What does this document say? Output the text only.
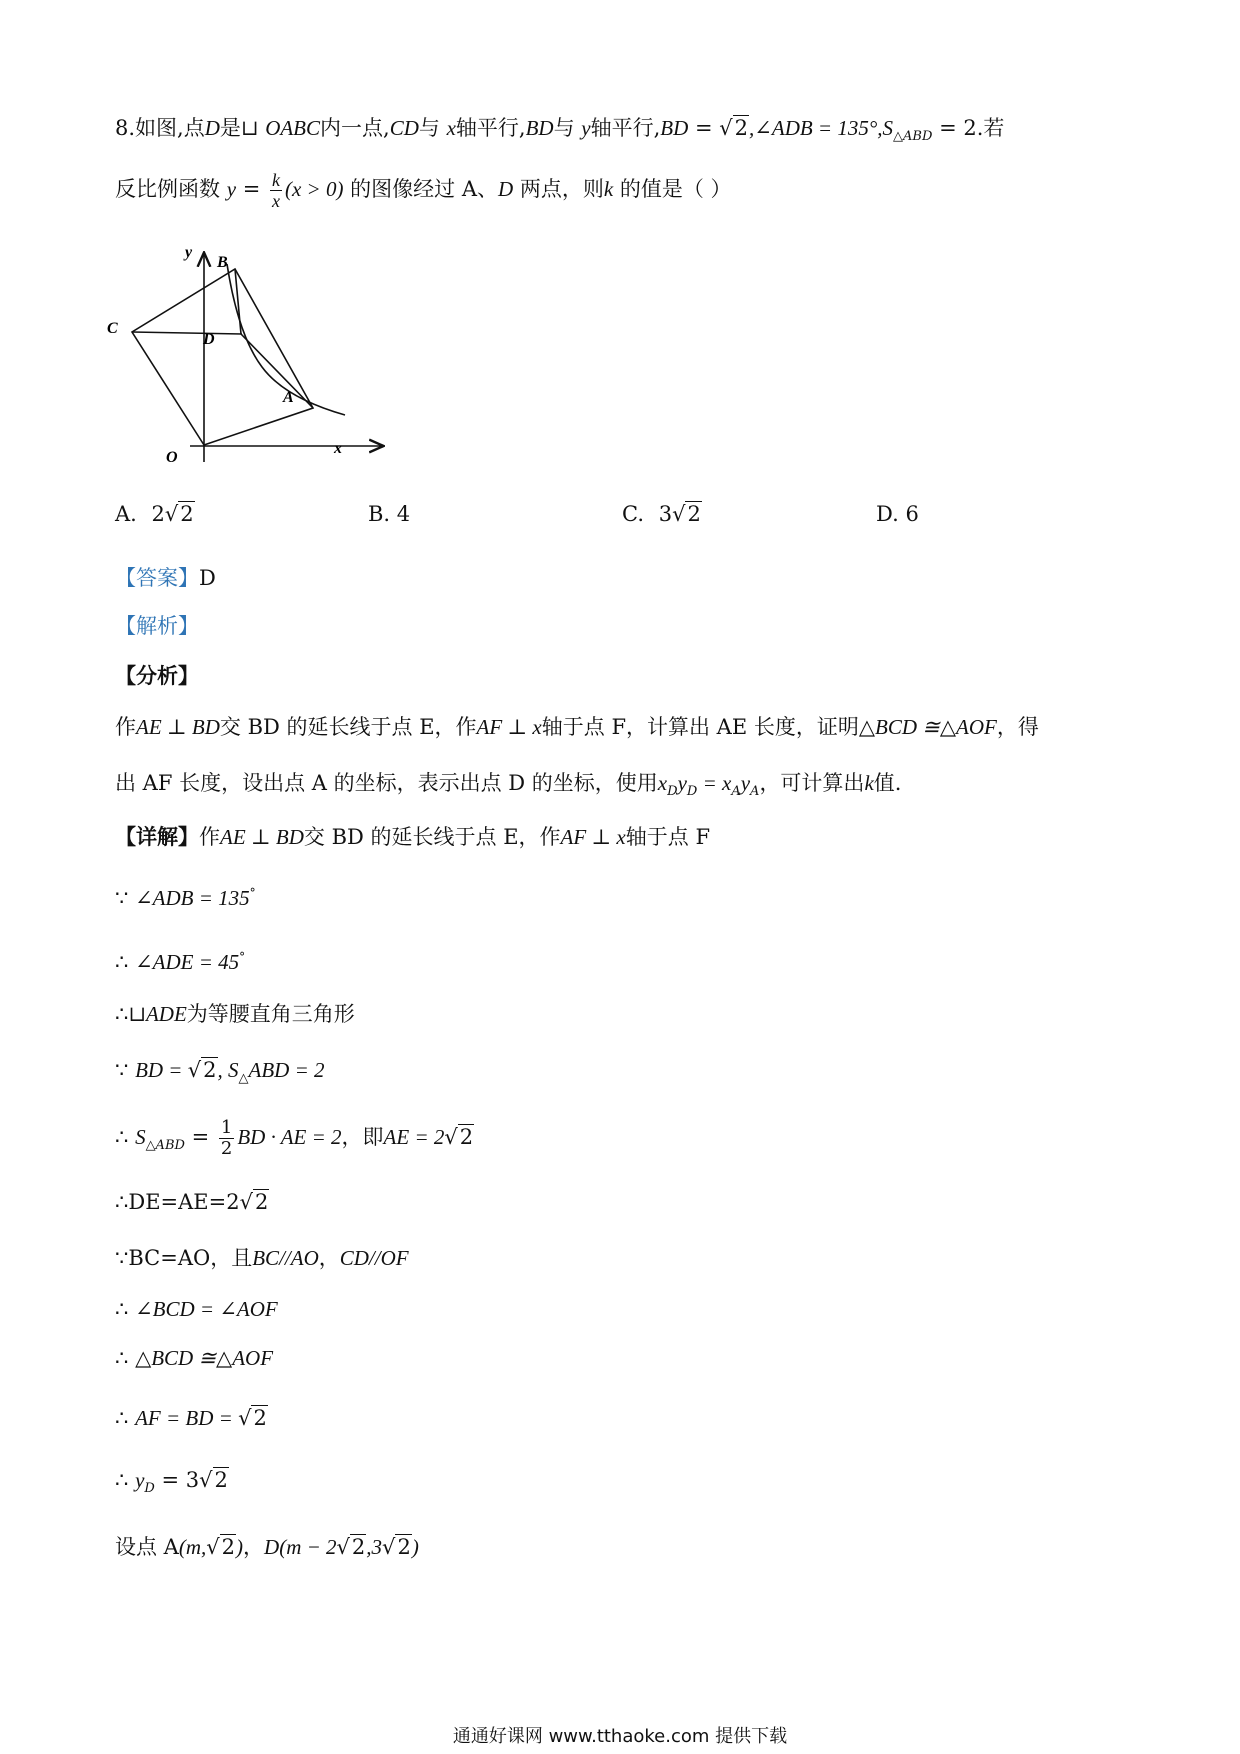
8.如图,点D是⊔ OABC内一点,CD与 x轴平行,BD与 y轴平行,BD = √2,∠ADB = $135^\circ,S_{\triangle ABD} = 2$.若
反比例函数 $y = \frac{k}{x} (x > 0)$ 的图像经过 A、D 两点，则k 的值是（ ）
y
x
O
A
B
C
D
A. 2√2	B. 4	C. 3√2	D. 6
【答案】D
【解析】
【分析】
作AE ⊥ BD交 BD 的延长线于点 E，作AF ⊥ x轴于点 F，计算出 AE 长度，证明△BCD ≅△AOF，得
出 AF 长度，设出点 A 的坐标，表示出点 D 的坐标，使用$x_Dy_D = x_Ay_A$，可计算出k值.
【详解】作AE ⊥ BD交 BD 的延长线于点 E，作AF ⊥ x轴于点 F
∵ ∠ADB = 135°
∴ ∠ADE = 45°
∴⊔ADE为等腰直角三角形
∵ BD = √2, $S_\triangle ABD = 2$
∴ $S_{\triangle ABD} = \frac{1}{2}$ BD · AE = 2，即AE = 2√2
∴DE=AE=2√2
∵BC=AO，且BC//AO，CD//OF
∴ ∠BCD = ∠AOF
∴ △BCD ≅△AOF
∴ AF = BD = √2
∴ $y_D = 3√2$
设点 A(m,√2)，D(m − 2√2,3√2)
通通好课网 www.tthaoke.com 提供下载
